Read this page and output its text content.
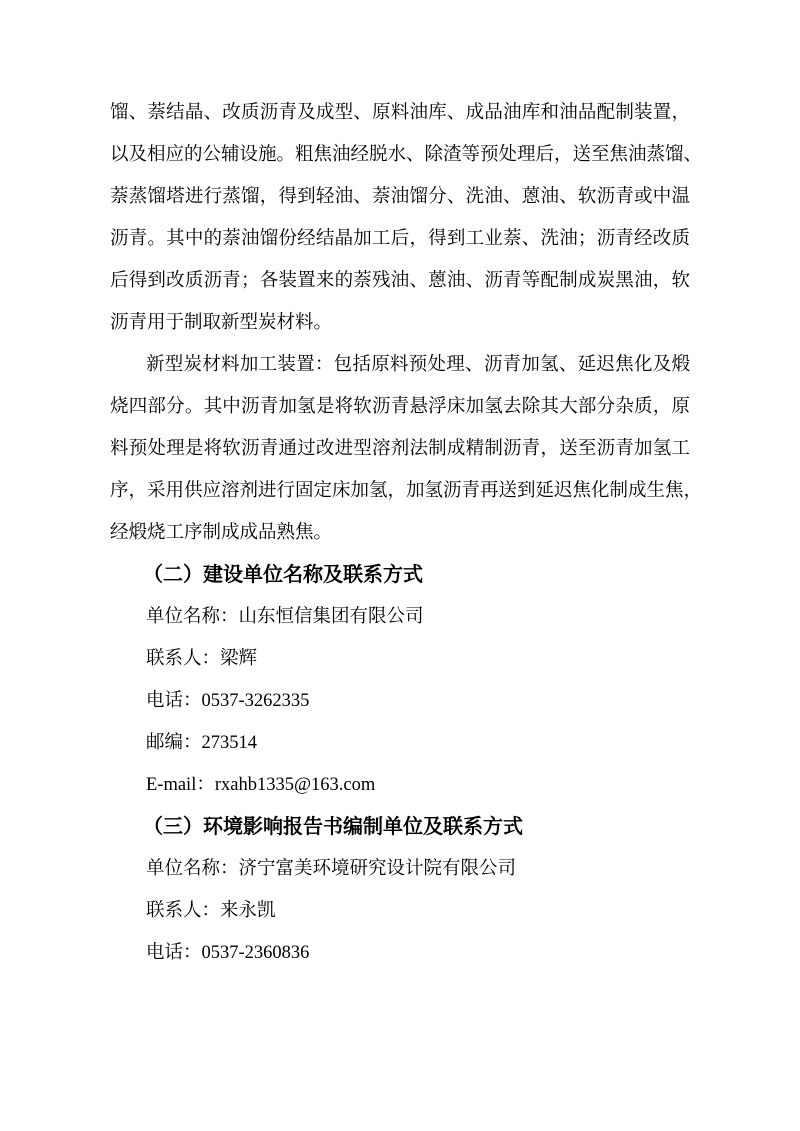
馏、萘结晶、改质沥青及成型、原料油库、成品油库和油品配制装置，
以及相应的公辅设施。粗焦油经脱水、除渣等预处理后，送至焦油蒸馏、
萘蒸馏塔进行蒸馏，得到轻油、萘油馏分、洗油、蒽油、软沥青或中温
沥青。其中的萘油馏份经结晶加工后，得到工业萘、洗油；沥青经改质
后得到改质沥青；各装置来的萘残油、蒽油、沥青等配制成炭黑油，软
沥青用于制取新型炭材料。
新型炭材料加工装置：包括原料预处理、沥青加氢、延迟焦化及煅
烧四部分。其中沥青加氢是将软沥青悬浮床加氢去除其大部分杂质，原
料预处理是将软沥青通过改进型溶剂法制成精制沥青，送至沥青加氢工
序，采用供应溶剂进行固定床加氢，加氢沥青再送到延迟焦化制成生焦，
经煅烧工序制成成品熟焦。
（二）建设单位名称及联系方式
单位名称：山东恒信集团有限公司
联系人：梁辉
电话：0537-3262335
邮编：273514
E-mail：rxahb1335@163.com
（三）环境影响报告书编制单位及联系方式
单位名称：济宁富美环境研究设计院有限公司
联系人：来永凯
电话：0537-2360836
